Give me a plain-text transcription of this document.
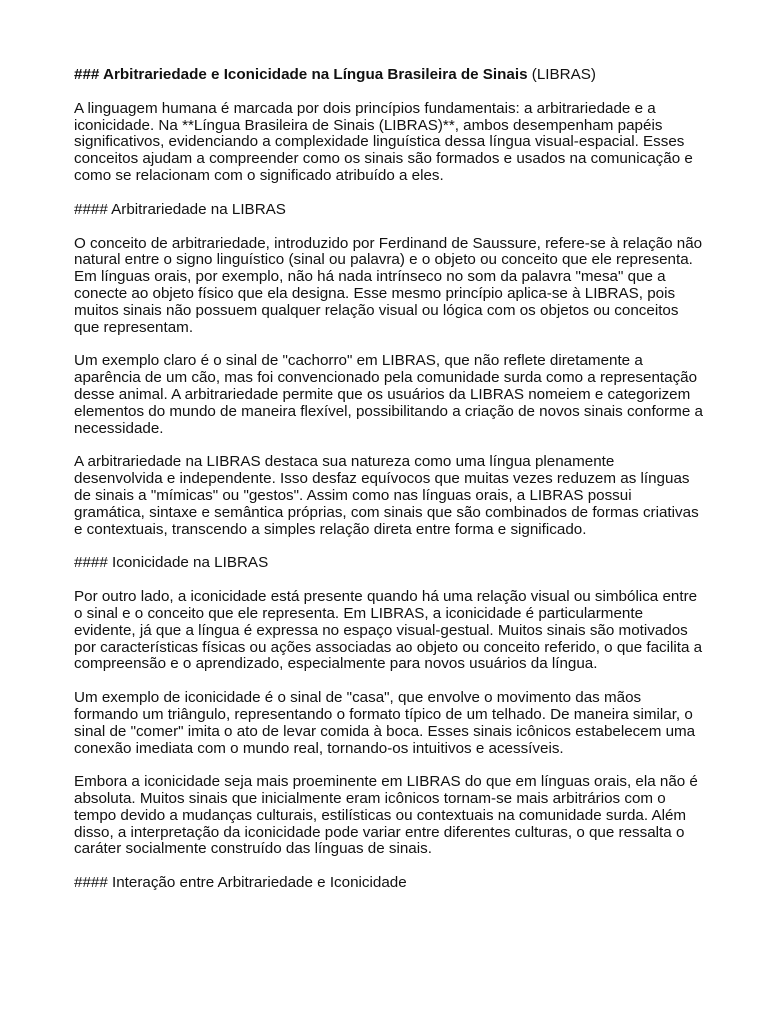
### Arbitrariedade e Iconicidade na Língua Brasileira de Sinais (LIBRAS)

A linguagem humana é marcada por dois princípios fundamentais: a arbitrariedade e a iconicidade. Na **Língua Brasileira de Sinais (LIBRAS)**, ambos desempenham papéis significativos, evidenciando a complexidade linguística dessa língua visual-espacial. Esses conceitos ajudam a compreender como os sinais são formados e usados na comunicação e como se relacionam com o significado atribuído a eles.

#### Arbitrariedade na LIBRAS

O conceito de arbitrariedade, introduzido por Ferdinand de Saussure, refere-se à relação não natural entre o signo linguístico (sinal ou palavra) e o objeto ou conceito que ele representa. Em línguas orais, por exemplo, não há nada intrínseco no som da palavra "mesa" que a conecte ao objeto físico que ela designa. Esse mesmo princípio aplica-se à LIBRAS, pois muitos sinais não possuem qualquer relação visual ou lógica com os objetos ou conceitos que representam.

Um exemplo claro é o sinal de "cachorro" em LIBRAS, que não reflete diretamente a aparência de um cão, mas foi convencionado pela comunidade surda como a representação desse animal. A arbitrariedade permite que os usuários da LIBRAS nomeiem e categorizem elementos do mundo de maneira flexível, possibilitando a criação de novos sinais conforme a necessidade.

A arbitrariedade na LIBRAS destaca sua natureza como uma língua plenamente desenvolvida e independente. Isso desfaz equívocos que muitas vezes reduzem as línguas de sinais a "mímicas" ou "gestos". Assim como nas línguas orais, a LIBRAS possui gramática, sintaxe e semântica próprias, com sinais que são combinados de formas criativas e contextuais, transcendo a simples relação direta entre forma e significado.

#### Iconicidade na LIBRAS

Por outro lado, a iconicidade está presente quando há uma relação visual ou simbólica entre o sinal e o conceito que ele representa. Em LIBRAS, a iconicidade é particularmente evidente, já que a língua é expressa no espaço visual-gestual. Muitos sinais são motivados por características físicas ou ações associadas ao objeto ou conceito referido, o que facilita a compreensão e o aprendizado, especialmente para novos usuários da língua.

Um exemplo de iconicidade é o sinal de "casa", que envolve o movimento das mãos formando um triângulo, representando o formato típico de um telhado. De maneira similar, o sinal de "comer" imita o ato de levar comida à boca. Esses sinais icônicos estabelecem uma conexão imediata com o mundo real, tornando-os intuitivos e acessíveis.

Embora a iconicidade seja mais proeminente em LIBRAS do que em línguas orais, ela não é absoluta. Muitos sinais que inicialmente eram icônicos tornam-se mais arbitrários com o tempo devido a mudanças culturais, estilísticas ou contextuais na comunidade surda. Além disso, a interpretação da iconicidade pode variar entre diferentes culturas, o que ressalta o caráter socialmente construído das línguas de sinais.

#### Interação entre Arbitrariedade e Iconicidade
